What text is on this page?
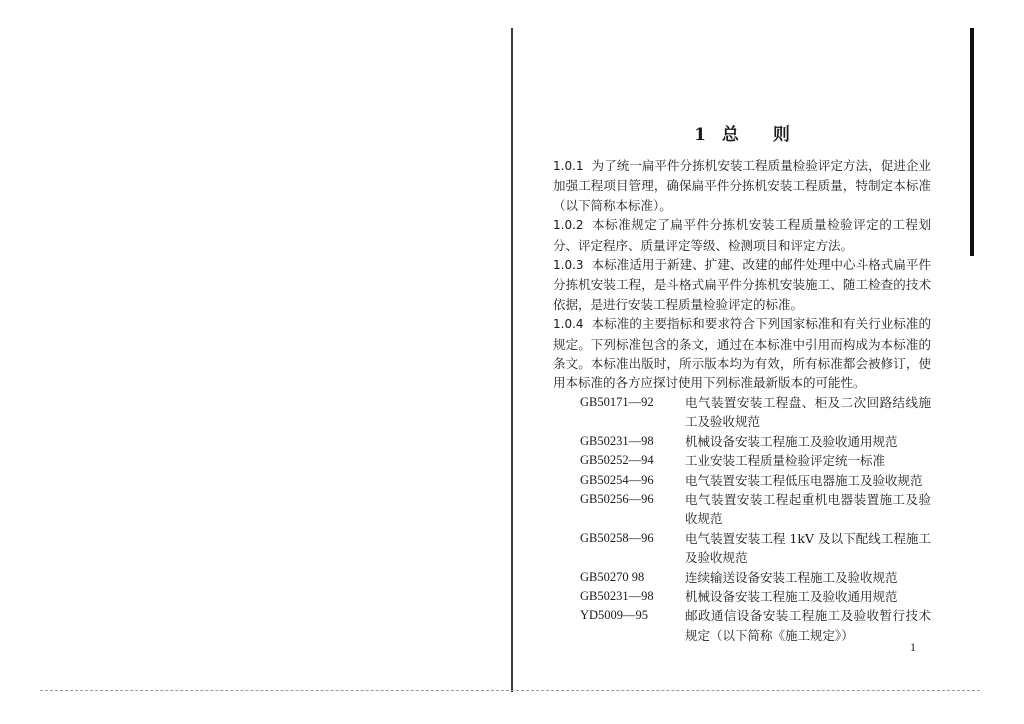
1 总 则

1.0.1 为了统一扁平件分拣机安装工程质量检验评定方法，促进企业加强工程项目管理，确保扁平件分拣机安装工程质量，特制定本标准（以下简称本标准）。

1.0.2 本标准规定了扁平件分拣机安装工程质量检验评定的工程划分、评定程序、质量评定等级、检测项目和评定方法。

1.0.3 本标准适用于新建、扩建、改建的邮件处理中心斗格式扁平件分拣机安装工程，是斗格式扁平件分拣机安装施工、随工检查的技术依据，是进行安装工程质量检验评定的标准。

1.0.4 本标准的主要指标和要求符合下列国家标准和有关行业标准的规定。下列标准包含的条文，通过在本标准中引用而构成为本标准的条文。本标准出版时，所示版本均为有效，所有标准都会被修订，使用本标准的各方应探讨使用下列标准最新版本的可能性。

GB50171—92	电气装置安装工程盘、柜及二次回路结线施工及验收规范
GB50231—98	机械设备安装工程施工及验收通用规范
GB50252—94	工业安装工程质量检验评定统一标准
GB50254—96	电气装置安装工程低压电器施工及验收规范
GB50256—96	电气装置安装工程起重机电器装置施工及验收规范
GB50258—96	电气装置安装工程 1kV 及以下配线工程施工及验收规范
GB50270 98	连续输送设备安装工程施工及验收规范
GB50231—98	机械设备安装工程施工及验收通用规范
YD5009—95	邮政通信设备安装工程施工及验收暂行技术规定（以下简称《施工规定》）
1
